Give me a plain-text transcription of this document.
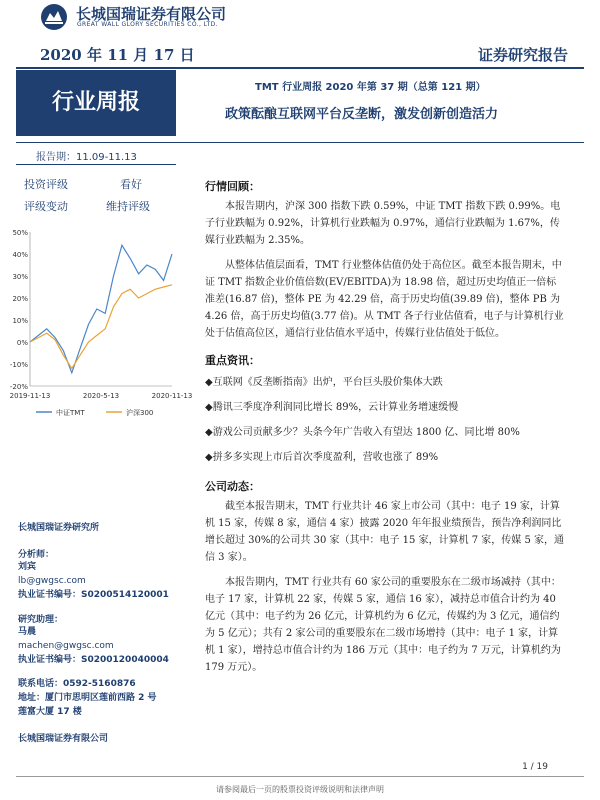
长城国瑞证券有限公司
GREAT WALL GLORY SECURITIES CO., LTD.
2020 年 11 月 17 日	证券研究报告
行业周报
TMT 行业周报 2020 年第 37 期（总第 121 期）
政策酝酿互联网平台反垄断，激发创新创造活力
报告期：11.09-11.13
投资评级	看好
评级变动	维持评级
50%
40%
30%
20%
10%
0%
-10%
-20%
2019-11-13	2020-5-13	2020-11-13
中证TMT	沪深300
长城国瑞证券研究所
分析师：
刘宾
lb@gwgsc.com
执业证书编号：S0200514120001
研究助理：
马晨
machen@gwgsc.com
执业证书编号：S0200120040004
联系电话：0592-5160876
地址：厦门市思明区莲前西路 2 号
莲富大厦 17 楼
长城国瑞证券有限公司
行情回顾：
本报告期内，沪深 300 指数下跌 0.59%，中证 TMT 指数下跌 0.99%。电子行业跌幅为 0.92%，计算机行业跌幅为 0.97%，通信行业跌幅为 1.67%，传媒行业跌幅为 2.35%。
从整体估值层面看，TMT 行业整体估值仍处于高位区。截至本报告期末，中证 TMT 指数企业价值倍数(EV/EBITDA)为 18.98 倍，超过历史均值正一倍标准差(16.87 倍)，整体 PE 为 42.29 倍，高于历史均值(39.89 倍)，整体 PB 为 4.26 倍，高于历史均值(3.77 倍)。从 TMT 各子行业估值看，电子与计算机行业处于估值高位区，通信行业估值水平适中，传媒行业估值处于低位。
重点资讯：
◆互联网《反垄断指南》出炉，平台巨头股价集体大跌
◆腾讯三季度净利润同比增长 89%，云计算业务增速缓慢
◆游戏公司贡献多少？头条今年广告收入有望达 1800 亿、同比增 80%
◆拼多多实现上市后首次季度盈利，营收也涨了 89%
公司动态：
截至本报告期末，TMT 行业共计 46 家上市公司（其中：电子 19 家，计算机 15 家，传媒 8 家，通信 4 家）披露 2020 年年报业绩预告，预告净利润同比增长超过 30%的公司共 30 家（其中：电子 15 家，计算机 7 家，传媒 5 家，通信 3 家）。
本报告期内，TMT 行业共有 60 家公司的重要股东在二级市场减持（其中：电子 17 家，计算机 22 家，传媒 5 家，通信 16 家），减持总市值合计约为 40 亿元（其中：电子约为 26 亿元，计算机约为 6 亿元，传媒约为 3 亿元，通信约为 5 亿元）；共有 2 家公司的重要股东在二级市场增持（其中：电子 1 家，计算机 1 家），增持总市值合计约为 186 万元（其中：电子约为 7 万元，计算机约为 179 万元）。
1 / 19
请参阅最后一页的股票投资评级说明和法律声明
